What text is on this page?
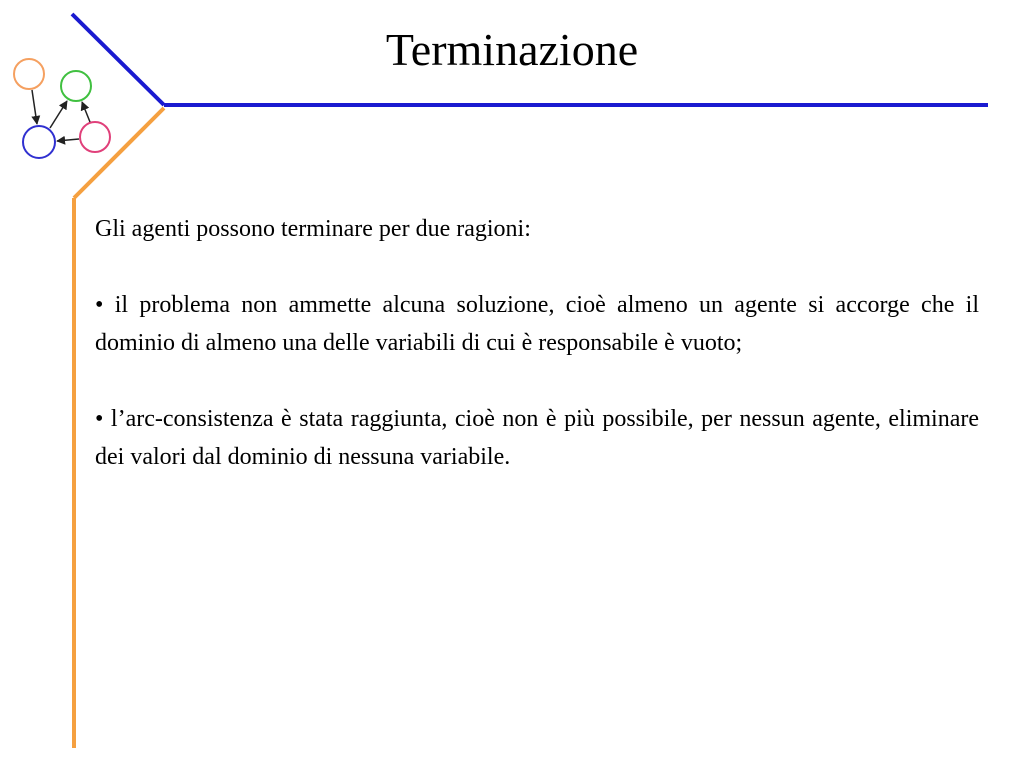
Terminazione

Gli agenti possono terminare per due ragioni:

• il problema non ammette alcuna soluzione, cioè almeno un agente si accorge che il dominio di almeno una delle variabili di cui è responsabile è vuoto;

• l’arc-consistenza è stata raggiunta, cioè non è più possibile, per nessun agente, eliminare dei valori dal dominio di nessuna variabile.
